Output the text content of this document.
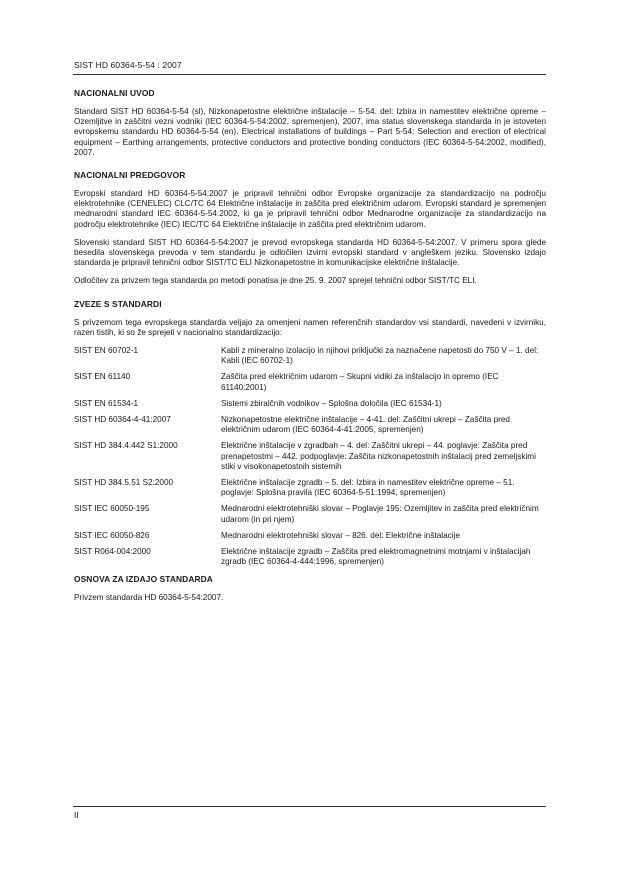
SIST HD 60364-5-54 : 2007
NACIONALNI UVOD

Standard SIST HD 60364-5-54 (sl), Nizkonapetostne električne inštalacije – 5-54. del: Izbira in namestitev električne opreme – Ozemljitve in zaščitni vezni vodniki (IEC 60364-5-54:2002, spremenjen), 2007, ima status slovenskega standarda in je istoveten evropskemu standardu HD 60364-5-54 (en), Electrical installations of buildings – Part 5-54: Selection and erection of electrical equipment – Earthing arrangements, protective conductors and protective bonding conductors (IEC 60364-5-54:2002, modified), 2007.

NACIONALNI PREDGOVOR

Evropski standard HD 60364-5-54:2007 je pripravil tehnični odbor Evropske organizacije za standardizacijo na področju elektrotehnike (CENELEC) CLC/TC 64 Električne inštalacije in zaščita pred električnim udarom. Evropski standard je spremenjen mednarodni standard IEC 60364-5-54:2002, ki ga je pripravil tehnični odbor Mednarodne organizacije za standardizacijo na področju elektrotehnike (IEC) IEC/TC 64 Električne inštalacije in zaščita pred električnim udarom.

Slovenski standard SIST HD 60364-5-54:2007 je prevod evropskega standarda HD 60364-5-54:2007. V primeru spora glede besedila slovenskega prevoda v tem standardu je odločilen izvirni evropski standard v angleškem jeziku. Slovensko izdajo standarda je pripravil tehnični odbor SIST/TC ELI Nizkonapetostne in komunikacijske električne inštalacije.

Odločitev za privzem tega standarda po metodi ponatisa je dne 25. 9. 2007 sprejel tehnični odbor SIST/TC ELI.

ZVEZE S STANDARDI

S privzemom tega evropskega standarda veljajo za omenjeni namen referenčnih standardov vsi standardi, navedeni v izvirniku, razen tistih, ki so že sprejeti v nacionalno standardizacijo:

SIST EN 60702-1	Kabli z mineralno izolacijo in njihovi priključki za naznačene napetosti do 750 V – 1. del: Kabli (IEC 60702-1)
SIST EN 61140	Zaščita pred električnim udarom – Skupni vidiki za inštalacijo in opremo (IEC 61140:2001)
SIST EN 61534-1	Sistemi zbiralčnih vodnikov – Splošna določila (IEC 61534-1)
SIST HD 60364-4-41:2007	Nizkonapetostne električne inštalacije – 4-41. del: Zaščitni ukrepi – Zaščita pred električnim udarom (IEC 60364-4-41:2005, spremenjen)
SIST HD 384.4.442 S1:2000	Električne inštalacije v zgradbah – 4. del: Zaščitni ukrepi – 44. poglavje: Zaščita pred prenapetostmi – 442. podpoglavje: Zaščita nizkonapetostnih inštalacij pred zemeljskimi stiki v visokonapetostnih sistemih
SIST HD 384.5.51 S2:2000	Električne inštalacije zgradb – 5. del: Izbira in namestitev električne opreme – 51. poglavje: Splošna pravila (IEC 60364-5-51:1994, spremenjen)
SIST IEC 60050-195	Mednarodni elektrotehniški slovar – Poglavje 195: Ozemljitev in zaščita pred električnim udarom (in pri njem)
SIST IEC 60050-826	Mednarodni elektrotehniški slovar – 826. del: Električne inštalacije
SIST R064-004:2000	Električne inštalacije zgradb – Zaščita pred elektromagnetnimi motnjami v inštalacijah zgradb (IEC 60364-4-444:1996, spremenjen)
OSNOVA ZA IZDAJO STANDARDA

Privzem standarda HD 60364-5-54:2007.

II
